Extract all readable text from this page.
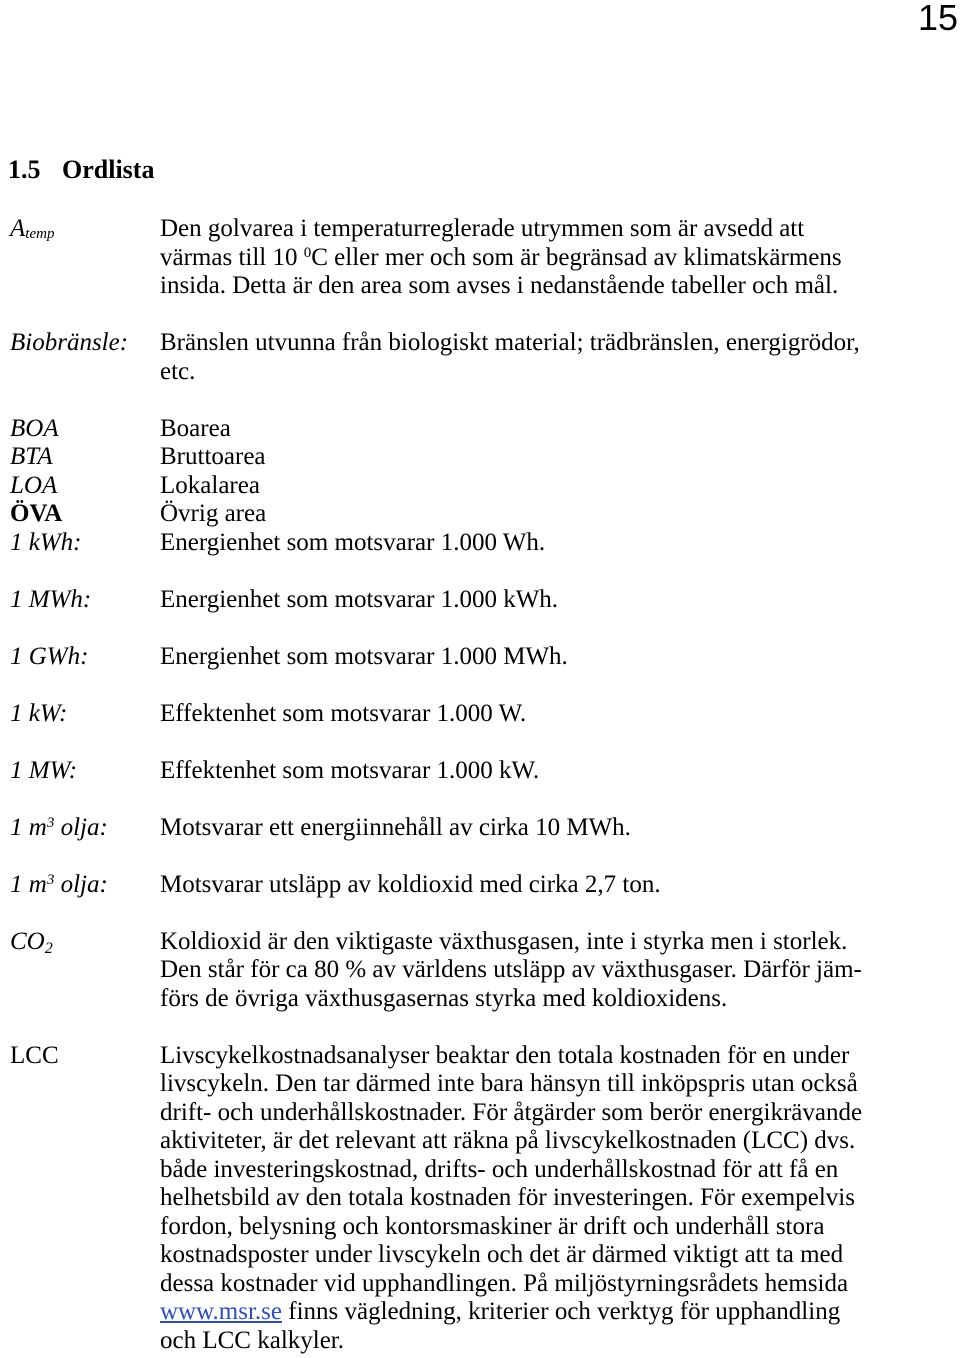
15
1.5 Ordlista
$A_{temp}$	Den golvarea i temperaturreglerade utrymmen som är avsedd att
värmas till 10 $^0$C eller mer och som är begränsad av klimatskärmens
insida. Detta är den area som avses i nedanstående tabeller och mål.
Biobränsle:	Bränslen utvunna från biologiskt material; trädbränslen, energigrödor,
etc.
BOA	Boarea
BTA	Bruttoarea
LOA	Lokalarea
ÖVA	Övrig area
1 kWh:	Energienhet som motsvarar 1.000 Wh.
1 MWh:	Energienhet som motsvarar 1.000 kWh.
1 GWh:	Energienhet som motsvarar 1.000 MWh.
1 kW:	Effektenhet som motsvarar 1.000 W.
1 MW:	Effektenhet som motsvarar 1.000 kW.
1 $m^3$ olja:	Motsvarar ett energiinnehåll av cirka 10 MWh.
1 $m^3$ olja:	Motsvarar utsläpp av koldioxid med cirka 2,7 ton.
$CO_2$	Koldioxid är den viktigaste växthusgasen, inte i styrka men i storlek.
Den står för ca 80 % av världens utsläpp av växthusgaser. Därför jäm-
förs de övriga växthusgasernas styrka med koldioxidens.
LCC	Livscykelkostnadsanalyser beaktar den totala kostnaden för en under
livscykeln. Den tar därmed inte bara hänsyn till inköpspris utan också
drift- och underhållskostnader. För åtgärder som berör energikrävande
aktiviteter, är det relevant att räkna på livscykelkostnaden (LCC) dvs.
både investeringskostnad, drifts- och underhållskostnad för att få en
helhetsbild av den totala kostnaden för investeringen. För exempelvis
fordon, belysning och kontorsmaskiner är drift och underhåll stora
kostnadsposter under livscykeln och det är därmed viktigt att ta med
dessa kostnader vid upphandlingen. På miljöstyrningsrådets hemsida
www.msr.se finns vägledning, kriterier och verktyg för upphandling
och LCC kalkyler.
